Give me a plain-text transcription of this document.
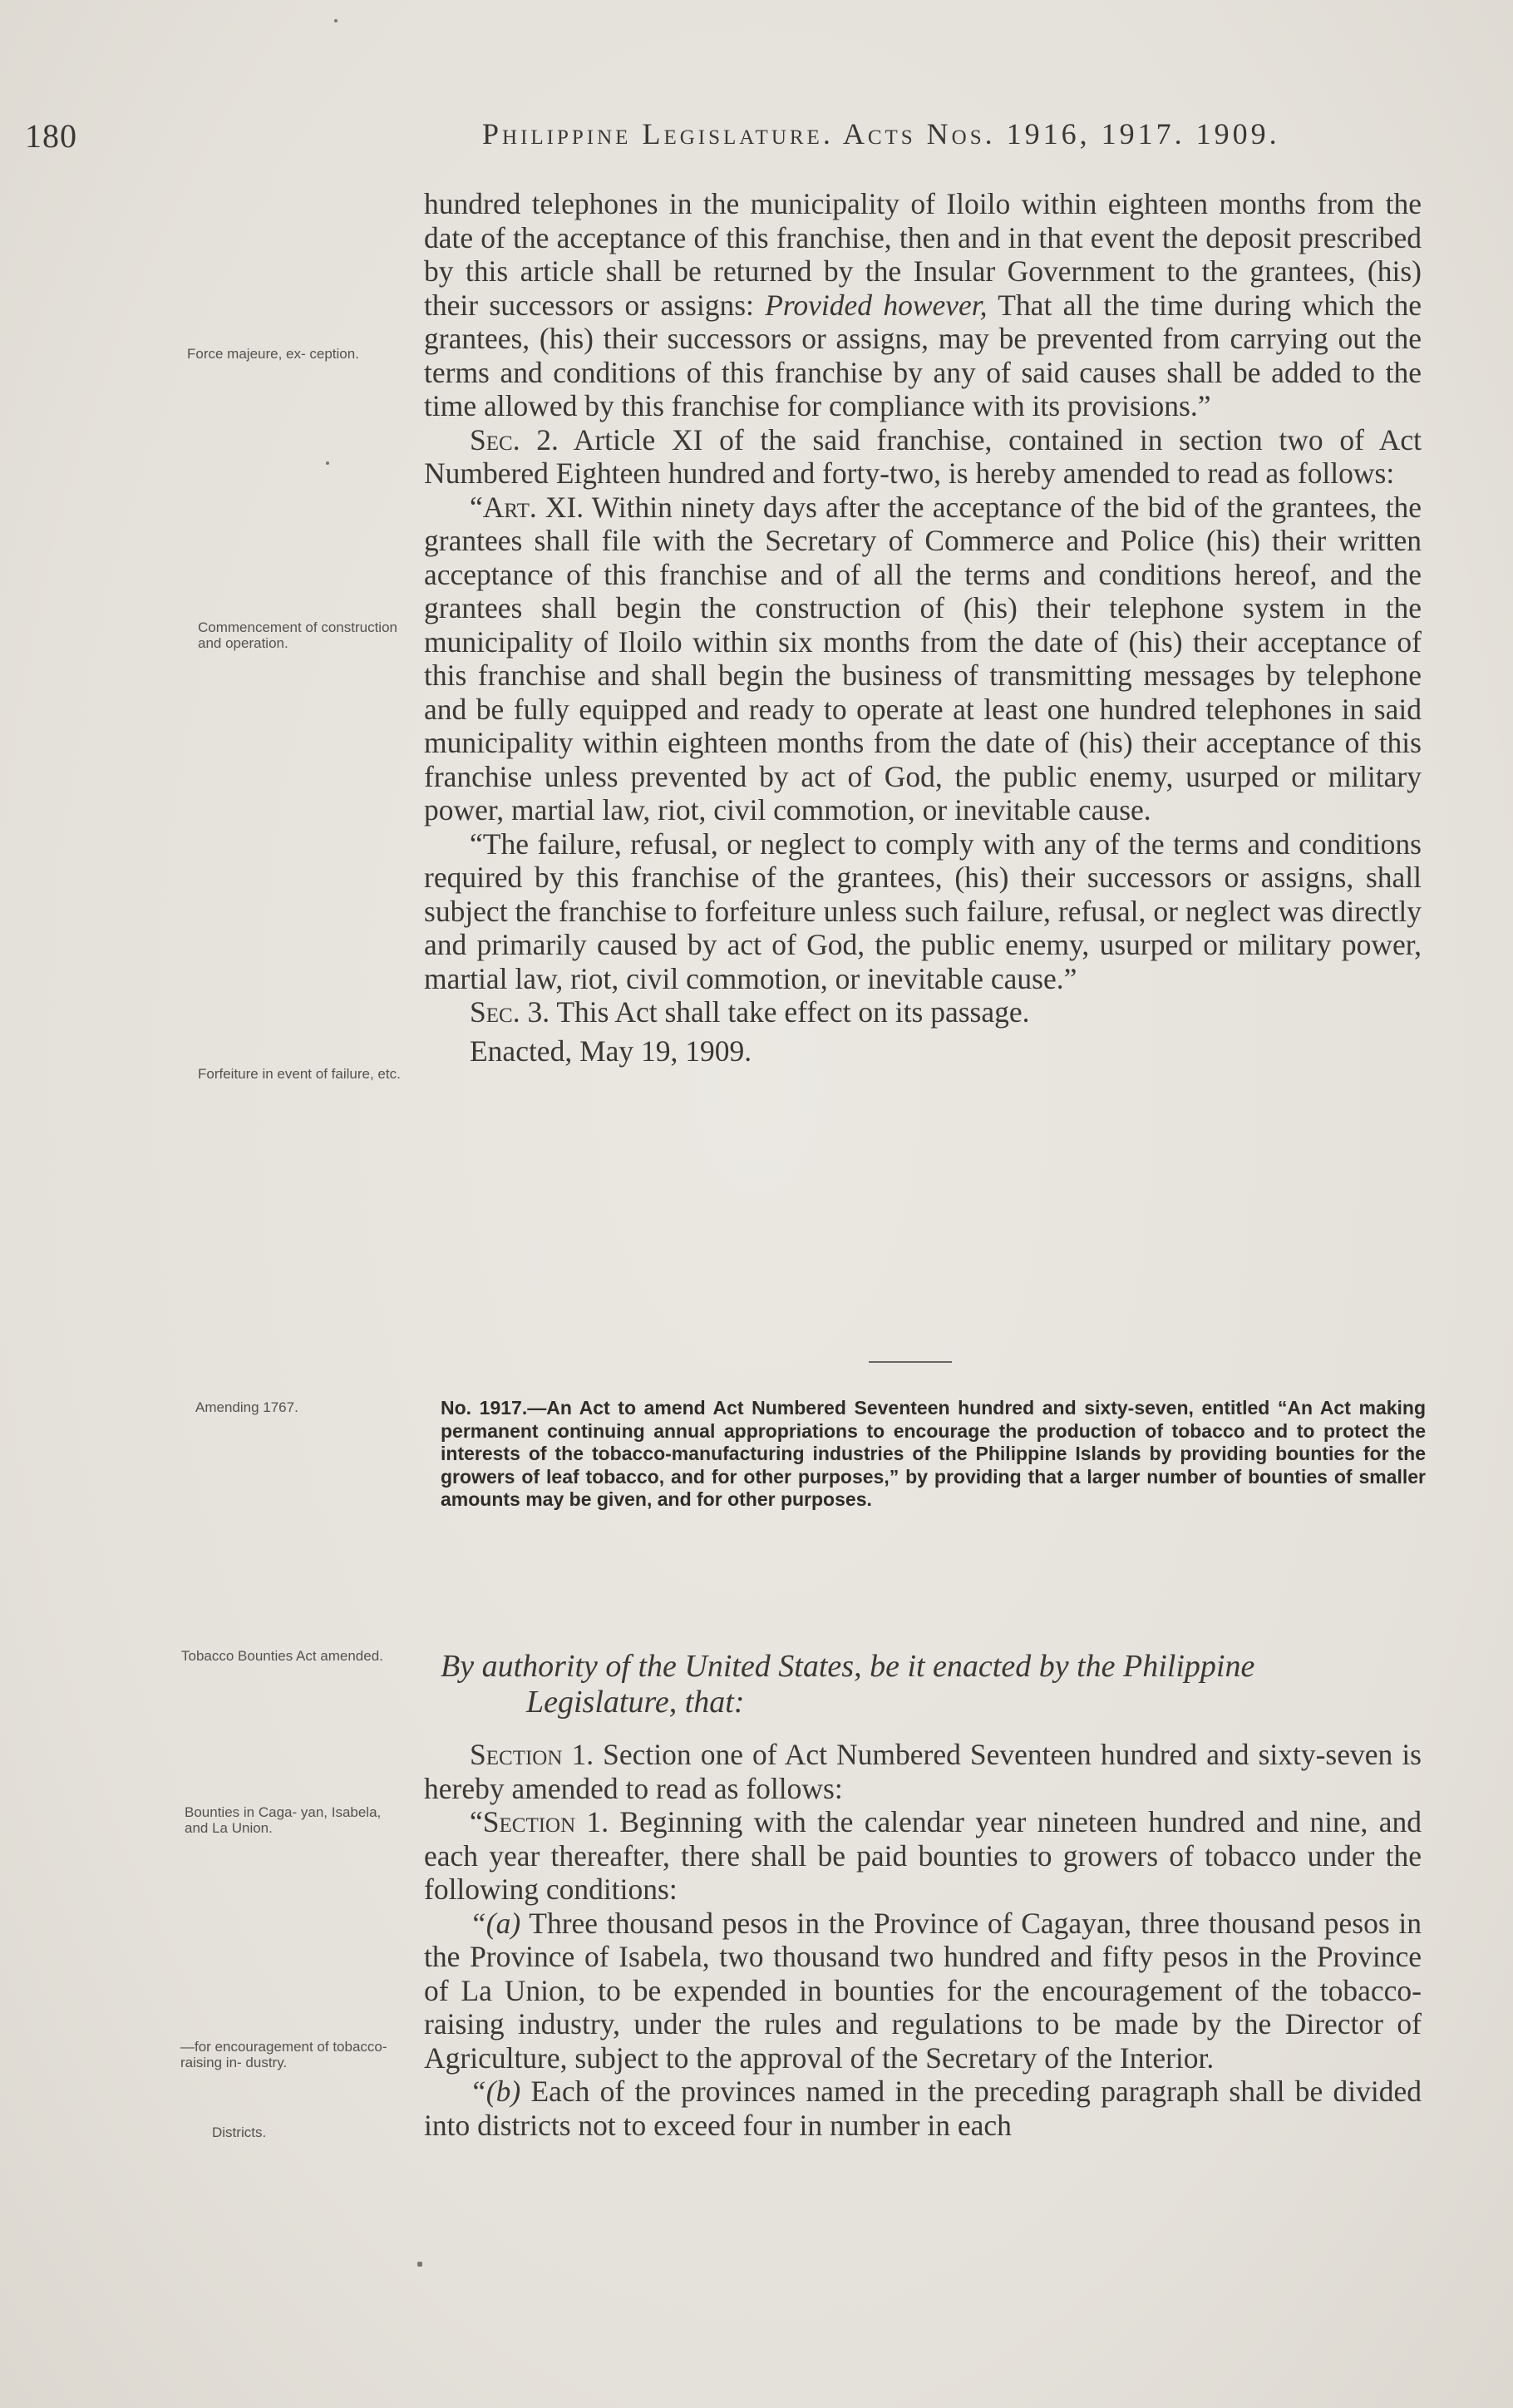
180	Philippine Legislature. Acts Nos. 1916, 1917. 1909.
Force majeure, ex- ception.
Commencement of construction and operation.
Forfeiture in event of failure, etc.
Amending 1767.
Tobacco Bounties Act amended.
Bounties in Caga- yan, Isabela, and La Union.
—for encouragement of tobacco-raising in- dustry.
Districts.

hundred telephones in the municipality of Iloilo within eighteen months from the date of the acceptance of this franchise, then and in that event the deposit prescribed by this article shall be returned by the Insular Government to the grantees, (his) their successors or assigns: Provided however, That all the time during which the grantees, (his) their successors or assigns, may be prevented from carrying out the terms and conditions of this franchise by any of said causes shall be added to the time allowed by this franchise for compliance with its provisions.”

Sec. 2. Article XI of the said franchise, contained in section two of Act Numbered Eighteen hundred and forty-two, is hereby amended to read as follows:

“Art. XI. Within ninety days after the acceptance of the bid of the grantees, the grantees shall file with the Secretary of Commerce and Police (his) their written acceptance of this franchise and of all the terms and conditions hereof, and the grantees shall begin the construction of (his) their telephone system in the municipality of Iloilo within six months from the date of (his) their acceptance of this franchise and shall begin the business of transmitting messages by telephone and be fully equipped and ready to operate at least one hundred telephones in said municipality within eighteen months from the date of (his) their acceptance of this franchise unless prevented by act of God, the public enemy, usurped or military power, martial law, riot, civil commotion, or inevitable cause.

“The failure, refusal, or neglect to comply with any of the terms and conditions required by this franchise of the grantees, (his) their successors or assigns, shall subject the franchise to forfeiture unless such failure, refusal, or neglect was directly and primarily caused by act of God, the public enemy, usurped or military power, martial law, riot, civil commotion, or inevitable cause.”

Sec. 3. This Act shall take effect on its passage.

Enacted, May 19, 1909.

No. 1917.—An Act to amend Act Numbered Seventeen hundred and sixty-seven, entitled “An Act making permanent continuing annual appropriations to encourage the production of tobacco and to protect the interests of the tobacco-manufacturing industries of the Philippine Islands by providing bounties for the growers of leaf tobacco, and for other purposes,” by providing that a larger number of bounties of smaller amounts may be given, and for other purposes.
By authority of the United States, be it enacted by the Philippine
Legislature, that:

Section 1. Section one of Act Numbered Seventeen hundred and sixty-seven is hereby amended to read as follows:

“Section 1. Beginning with the calendar year nineteen hundred and nine, and each year thereafter, there shall be paid bounties to growers of tobacco under the following conditions:

“(a) Three thousand pesos in the Province of Cagayan, three thousand pesos in the Province of Isabela, two thousand two hundred and fifty pesos in the Province of La Union, to be expended in bounties for the encouragement of the tobacco-raising industry, under the rules and regulations to be made by the Director of Agriculture, subject to the approval of the Secretary of the Interior.

“(b) Each of the provinces named in the preceding paragraph shall be divided into districts not to exceed four in number in each
